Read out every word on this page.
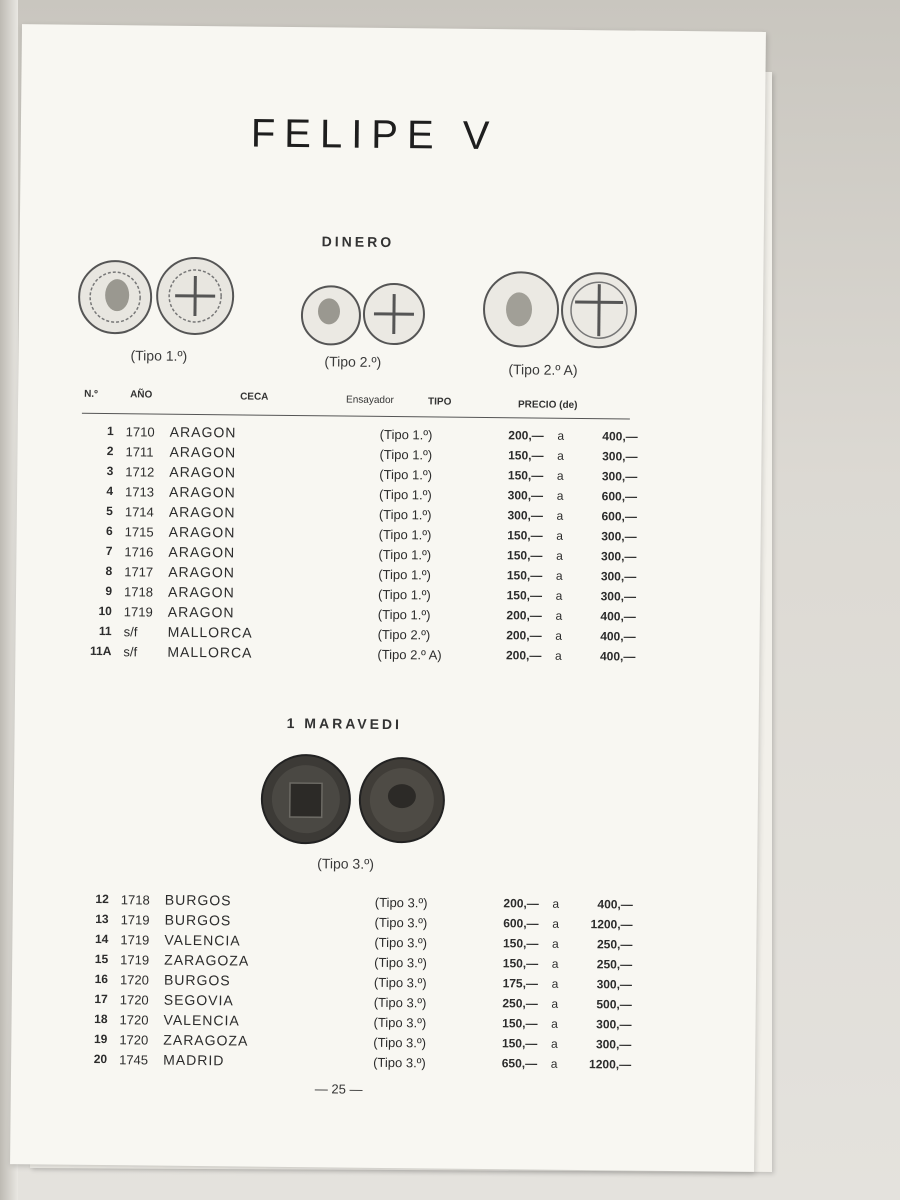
FELIPE V
DINERO
(Tipo 1.º)	(Tipo 2.º)	(Tipo 2.º A)
N.º	AÑO	CECA	Ensayador	TIPO	PRECIO (de)
1	1710	ARAGON	(Tipo 1.º)	200,—	a	400,—
2	1711	ARAGON	(Tipo 1.º)	150,—	a	300,—
3	1712	ARAGON	(Tipo 1.º)	150,—	a	300,—
4	1713	ARAGON	(Tipo 1.º)	300,—	a	600,—
5	1714	ARAGON	(Tipo 1.º)	300,—	a	600,—
6	1715	ARAGON	(Tipo 1.º)	150,—	a	300,—
7	1716	ARAGON	(Tipo 1.º)	150,—	a	300,—
8	1717	ARAGON	(Tipo 1.º)	150,—	a	300,—
9	1718	ARAGON	(Tipo 1.º)	150,—	a	300,—
10	1719	ARAGON	(Tipo 1.º)	200,—	a	400,—
11	s/f	MALLORCA	(Tipo 2.º)	200,—	a	400,—
11A	s/f	MALLORCA	(Tipo 2.º A)	200,—	a	400,—
1 MARAVEDI
(Tipo 3.º)
12	1718	BURGOS	(Tipo 3.º)	200,—	a	400,—
13	1719	BURGOS	(Tipo 3.º)	600,—	a	1200,—
14	1719	VALENCIA	(Tipo 3.º)	150,—	a	250,—
15	1719	ZARAGOZA	(Tipo 3.º)	150,—	a	250,—
16	1720	BURGOS	(Tipo 3.º)	175,—	a	300,—
17	1720	SEGOVIA	(Tipo 3.º)	250,—	a	500,—
18	1720	VALENCIA	(Tipo 3.º)	150,—	a	300,—
19	1720	ZARAGOZA	(Tipo 3.º)	150,—	a	300,—
20	1745	MADRID	(Tipo 3.º)	650,—	a	1200,—
— 25 —
